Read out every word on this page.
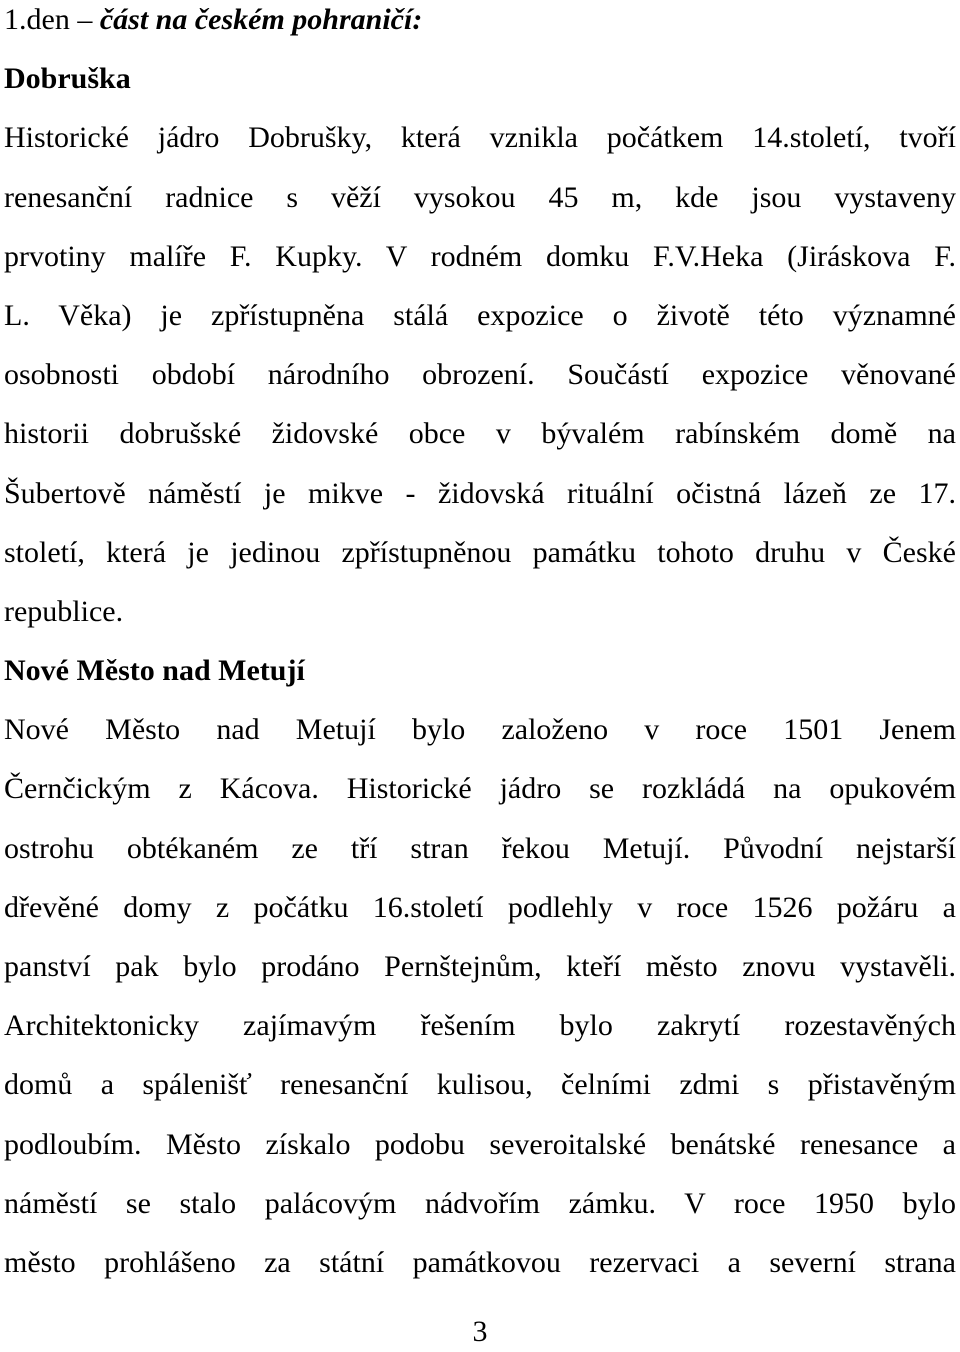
1.den – část na českém pohraničí:
Dobruška
Historické jádro Dobrušky, která vznikla počátkem 14.století, tvoří
renesanční radnice s věží vysokou 45 m, kde jsou vystaveny
prvotiny malíře F. Kupky. V rodném domku F.V.Heka (Jiráskova F.
L. Věka) je zpřístupněna stálá expozice o životě této významné
osobnosti období národního obrození. Součástí expozice věnované
historii dobrušské židovské obce v bývalém rabínském domě na
Šubertově náměstí je mikve - židovská rituální očistná lázeň ze 17.
století, která je jedinou zpřístupněnou památku tohoto druhu v České
republice.
Nové Město nad Metují
Nové Město nad Metují bylo založeno v roce 1501 Jenem
Černčickým z Kácova. Historické jádro se rozkládá na opukovém
ostrohu obtékaném ze tří stran řekou Metují. Původní nejstarší
dřevěné domy z počátku 16.století podlehly v roce 1526 požáru a
panství pak bylo prodáno Pernštejnům, kteří město znovu vystavěli.
Architektonicky zajímavým řešením bylo zakrytí rozestavěných
domů a spálenišť renesanční kulisou, čelními zdmi s přistavěným
podloubím. Město získalo podobu severoitalské benátské renesance a
náměstí se stalo palácovým nádvořím zámku. V roce 1950 bylo
město prohlášeno za státní památkovou rezervaci a severní strana
3
